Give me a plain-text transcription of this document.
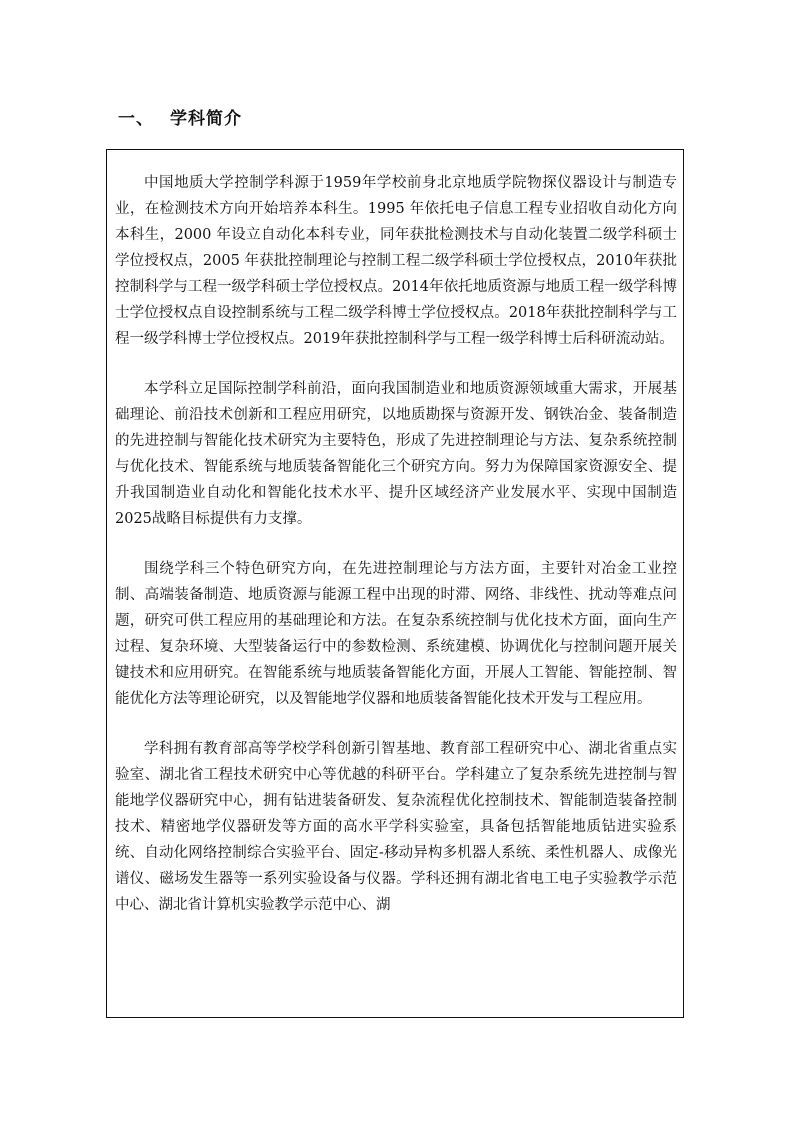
一、 学科简介

中国地质大学控制学科源于1959年学校前身北京地质学院物探仪器设计与制造专业，在检测技术方向开始培养本科生。1995 年依托电子信息工程专业招收自动化方向本科生，2000 年设立自动化本科专业，同年获批检测技术与自动化装置二级学科硕士学位授权点，2005 年获批控制理论与控制工程二级学科硕士学位授权点，2010年获批控制科学与工程一级学科硕士学位授权点。2014年依托地质资源与地质工程一级学科博士学位授权点自设控制系统与工程二级学科博士学位授权点。2018年获批控制科学与工程一级学科博士学位授权点。2019年获批控制科学与工程一级学科博士后科研流动站。

本学科立足国际控制学科前沿，面向我国制造业和地质资源领域重大需求，开展基础理论、前沿技术创新和工程应用研究，以地质勘探与资源开发、钢铁冶金、装备制造的先进控制与智能化技术研究为主要特色，形成了先进控制理论与方法、复杂系统控制与优化技术、智能系统与地质装备智能化三个研究方向。努力为保障国家资源安全、提升我国制造业自动化和智能化技术水平、提升区域经济产业发展水平、实现中国制造2025战略目标提供有力支撑。

围绕学科三个特色研究方向，在先进控制理论与方法方面，主要针对冶金工业控制、高端装备制造、地质资源与能源工程中出现的时滞、网络、非线性、扰动等难点问题，研究可供工程应用的基础理论和方法。在复杂系统控制与优化技术方面，面向生产过程、复杂环境、大型装备运行中的参数检测、系统建模、协调优化与控制问题开展关键技术和应用研究。在智能系统与地质装备智能化方面，开展人工智能、智能控制、智能优化方法等理论研究，以及智能地学仪器和地质装备智能化技术开发与工程应用。

学科拥有教育部高等学校学科创新引智基地、教育部工程研究中心、湖北省重点实验室、湖北省工程技术研究中心等优越的科研平台。学科建立了复杂系统先进控制与智能地学仪器研究中心，拥有钻进装备研发、复杂流程优化控制技术、智能制造装备控制技术、精密地学仪器研发等方面的高水平学科实验室，具备包括智能地质钻进实验系统、自动化网络控制综合实验平台、固定-移动异构多机器人系统、柔性机器人、成像光谱仪、磁场发生器等一系列实验设备与仪器。学科还拥有湖北省电工电子实验教学示范中心、湖北省计算机实验教学示范中心、湖
